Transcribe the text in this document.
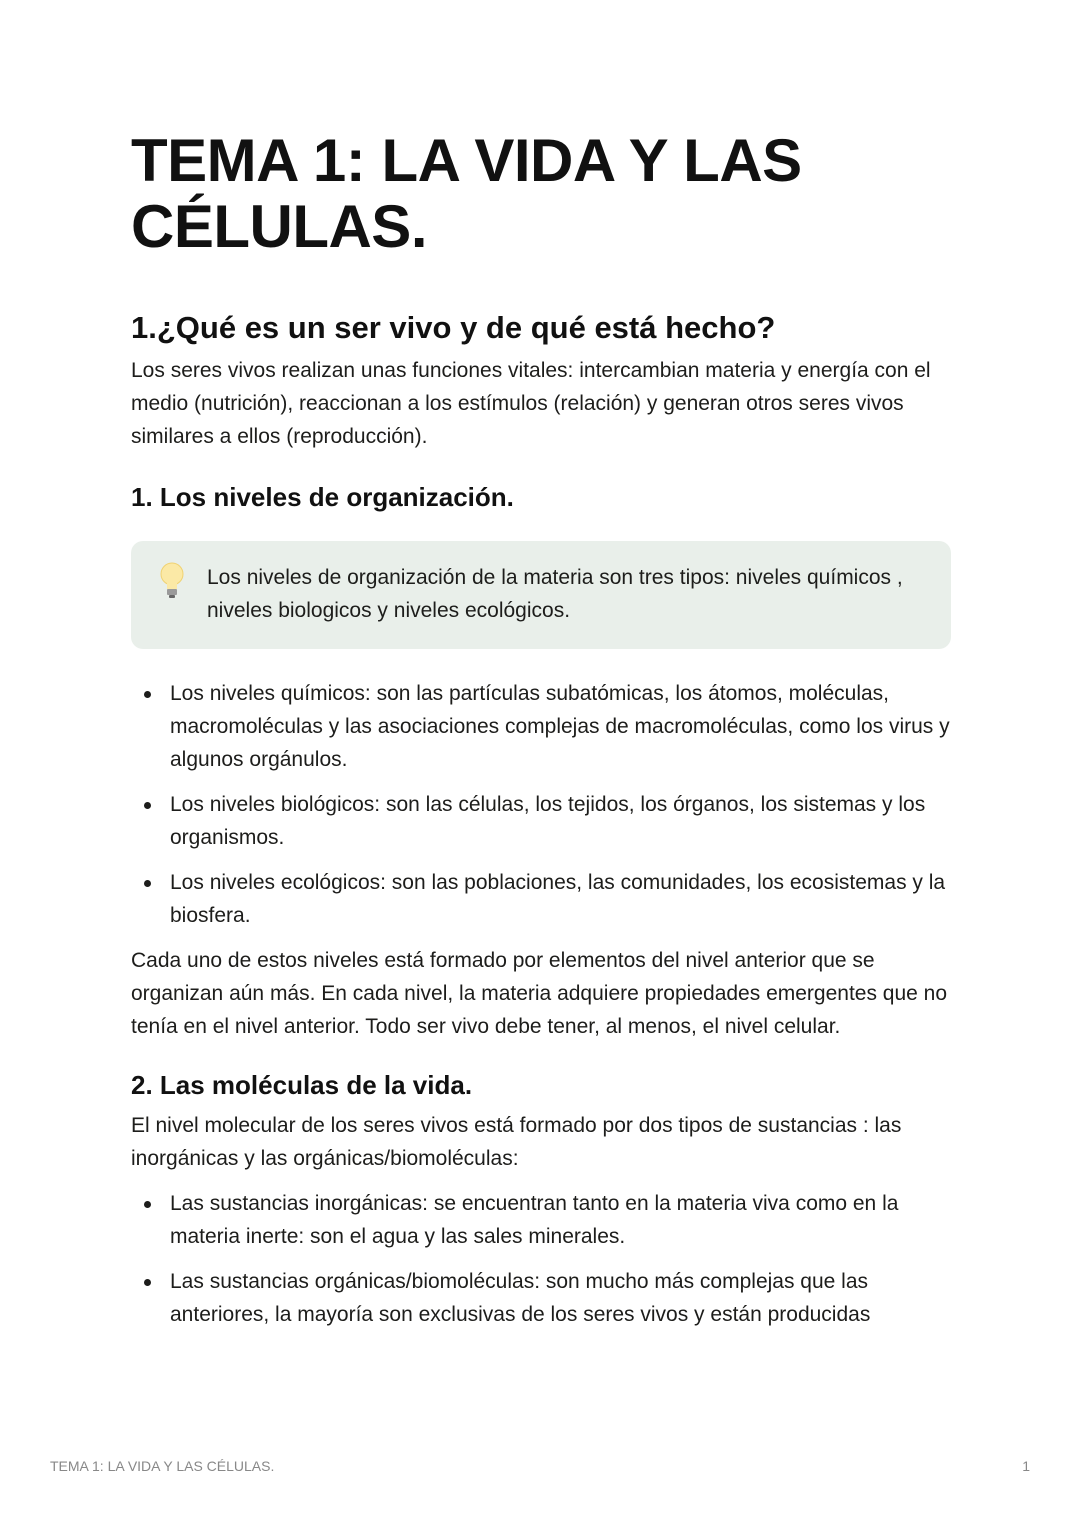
TEMA 1: LA VIDA Y LAS CÉLULAS.
1.¿Qué es un ser vivo y de qué está hecho?

Los seres vivos realizan unas funciones vitales: intercambian materia y energía con el medio (nutrición), reaccionan a los estímulos (relación) y generan otros seres vivos similares a ellos (reproducción).

1. Los niveles de organización.

Los niveles de organización de la materia son tres tipos: niveles químicos , niveles biologicos y niveles ecológicos.

Los niveles químicos: son las partículas subatómicas, los átomos, moléculas, macromoléculas y las asociaciones complejas de macromoléculas, como los virus y algunos orgánulos.
Los niveles biológicos: son las células, los tejidos, los órganos, los sistemas y los organismos.
Los niveles ecológicos: son las poblaciones, las comunidades, los ecosistemas y la biosfera.

Cada uno de estos niveles está formado por elementos del nivel anterior que se organizan aún más. En cada nivel, la materia adquiere propiedades emergentes que no tenía en el nivel anterior. Todo ser vivo debe tener, al menos, el nivel celular.

2. Las moléculas de la vida.

El nivel molecular de los seres vivos está formado por dos tipos de sustancias : las inorgánicas y las orgánicas/biomoléculas:

Las sustancias inorgánicas: se encuentran tanto en la materia viva como en la materia inerte: son el agua y las sales minerales.
Las sustancias orgánicas/biomoléculas: son mucho más complejas que las anteriores, la mayoría son exclusivas de los seres vivos y están producidas
TEMA 1: LA VIDA Y LAS CÉLULAS.	1
